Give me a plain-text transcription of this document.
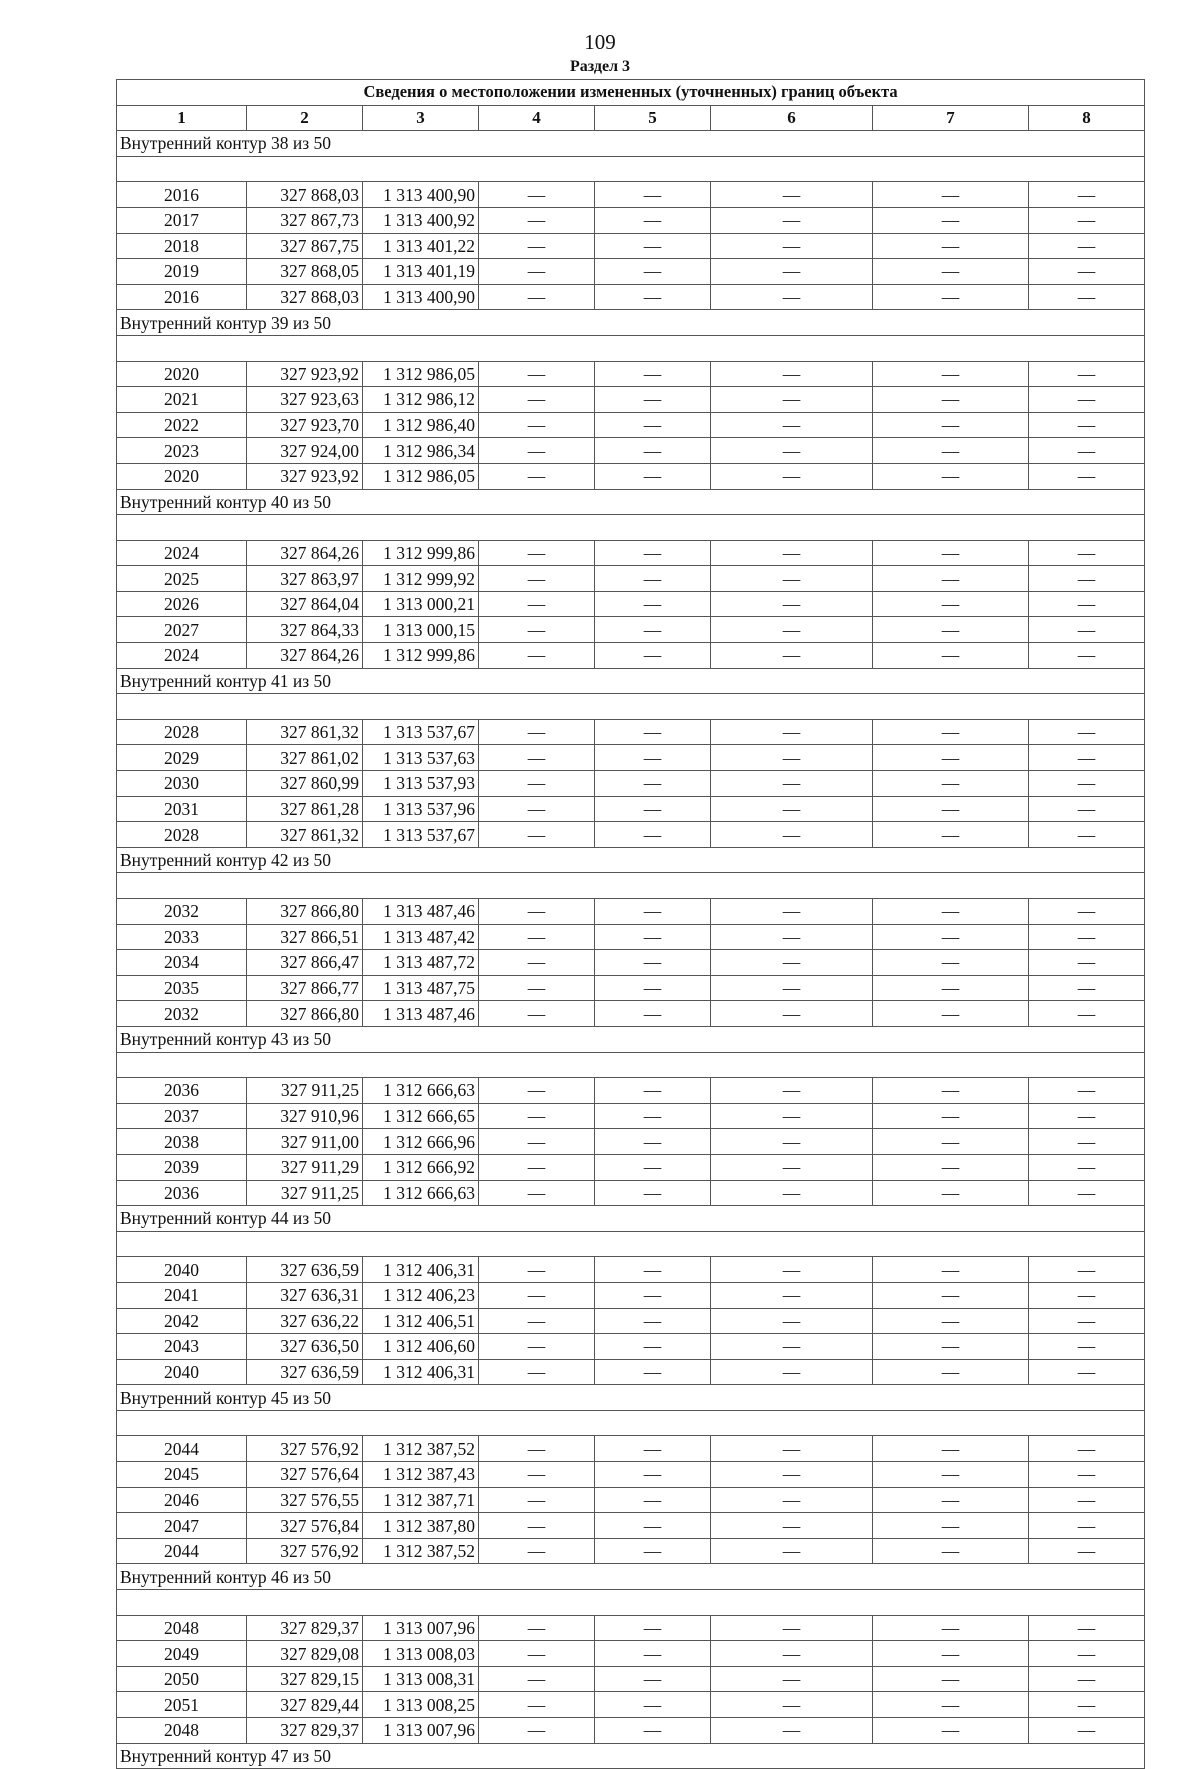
109
Раздел 3
Сведения о местоположении измененных (уточненных) границ объекта							
1	2	3	4	5	6	7	8
Внутренний контур 38 из 50							

2016	327 868,03	1 313 400,90	—	—	—	—	—
2017	327 867,73	1 313 400,92	—	—	—	—	—
2018	327 867,75	1 313 401,22	—	—	—	—	—
2019	327 868,05	1 313 401,19	—	—	—	—	—
2016	327 868,03	1 313 400,90	—	—	—	—	—
Внутренний контур 39 из 50							

2020	327 923,92	1 312 986,05	—	—	—	—	—
2021	327 923,63	1 312 986,12	—	—	—	—	—
2022	327 923,70	1 312 986,40	—	—	—	—	—
2023	327 924,00	1 312 986,34	—	—	—	—	—
2020	327 923,92	1 312 986,05	—	—	—	—	—
Внутренний контур 40 из 50							

2024	327 864,26	1 312 999,86	—	—	—	—	—
2025	327 863,97	1 312 999,92	—	—	—	—	—
2026	327 864,04	1 313 000,21	—	—	—	—	—
2027	327 864,33	1 313 000,15	—	—	—	—	—
2024	327 864,26	1 312 999,86	—	—	—	—	—
Внутренний контур 41 из 50							

2028	327 861,32	1 313 537,67	—	—	—	—	—
2029	327 861,02	1 313 537,63	—	—	—	—	—
2030	327 860,99	1 313 537,93	—	—	—	—	—
2031	327 861,28	1 313 537,96	—	—	—	—	—
2028	327 861,32	1 313 537,67	—	—	—	—	—
Внутренний контур 42 из 50							

2032	327 866,80	1 313 487,46	—	—	—	—	—
2033	327 866,51	1 313 487,42	—	—	—	—	—
2034	327 866,47	1 313 487,72	—	—	—	—	—
2035	327 866,77	1 313 487,75	—	—	—	—	—
2032	327 866,80	1 313 487,46	—	—	—	—	—
Внутренний контур 43 из 50							

2036	327 911,25	1 312 666,63	—	—	—	—	—
2037	327 910,96	1 312 666,65	—	—	—	—	—
2038	327 911,00	1 312 666,96	—	—	—	—	—
2039	327 911,29	1 312 666,92	—	—	—	—	—
2036	327 911,25	1 312 666,63	—	—	—	—	—
Внутренний контур 44 из 50							

2040	327 636,59	1 312 406,31	—	—	—	—	—
2041	327 636,31	1 312 406,23	—	—	—	—	—
2042	327 636,22	1 312 406,51	—	—	—	—	—
2043	327 636,50	1 312 406,60	—	—	—	—	—
2040	327 636,59	1 312 406,31	—	—	—	—	—
Внутренний контур 45 из 50							

2044	327 576,92	1 312 387,52	—	—	—	—	—
2045	327 576,64	1 312 387,43	—	—	—	—	—
2046	327 576,55	1 312 387,71	—	—	—	—	—
2047	327 576,84	1 312 387,80	—	—	—	—	—
2044	327 576,92	1 312 387,52	—	—	—	—	—
Внутренний контур 46 из 50							

2048	327 829,37	1 313 007,96	—	—	—	—	—
2049	327 829,08	1 313 008,03	—	—	—	—	—
2050	327 829,15	1 313 008,31	—	—	—	—	—
2051	327 829,44	1 313 008,25	—	—	—	—	—
2048	327 829,37	1 313 007,96	—	—	—	—	—
Внутренний контур 47 из 50							
